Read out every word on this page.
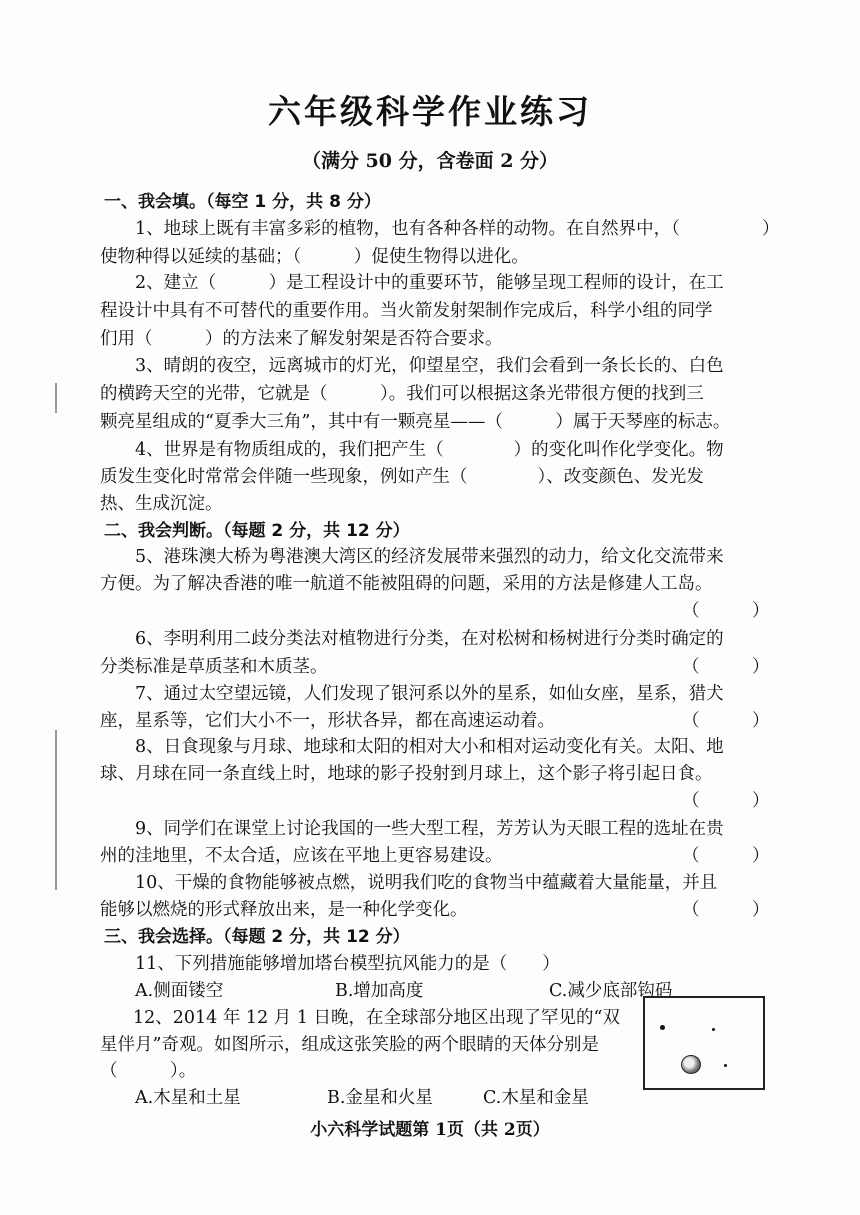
六年级科学作业练习
（满分 50 分，含卷面 2 分）
一、我会填。（每空 1 分，共 8 分）
1、地球上既有丰富多彩的植物，也有各种各样的动物。在自然界中，（	）
使物种得以延续的基础；（　　　）促使生物得以进化。
2、建立（　　　）是工程设计中的重要环节，能够呈现工程师的设计，在工
程设计中具有不可替代的重要作用。当火箭发射架制作完成后，科学小组的同学
们用（　　　）的方法来了解发射架是否符合要求。
3、晴朗的夜空，远离城市的灯光，仰望星空，我们会看到一条长长的、白色
的横跨天空的光带，它就是（　　　）。我们可以根据这条光带很方便的找到三
颗亮星组成的“夏季大三角”，其中有一颗亮星——（　　　）属于天琴座的标志。
4、世界是有物质组成的，我们把产生（　　　　）的变化叫作化学变化。物
质发生变化时常常会伴随一些现象，例如产生（　　　　）、改变颜色、发光发
热、生成沉淀。
二、我会判断。（每题 2 分，共 12 分）
5、港珠澳大桥为粤港澳大湾区的经济发展带来强烈的动力，给文化交流带来
方便。为了解决香港的唯一航道不能被阻碍的问题，采用的方法是修建人工岛。
（　　　）
6、李明利用二歧分类法对植物进行分类，在对松树和杨树进行分类时确定的
分类标准是草质茎和木质茎。	（　　　）
7、通过太空望远镜，人们发现了银河系以外的星系，如仙女座，星系，猎犬
座，星系等，它们大小不一，形状各异，都在高速运动着。	（　　　）
8、日食现象与月球、地球和太阳的相对大小和相对运动变化有关。太阳、地
球、月球在同一条直线上时，地球的影子投射到月球上，这个影子将引起日食。
（　　　）
9、同学们在课堂上讨论我国的一些大型工程，芳芳认为天眼工程的选址在贵
州的洼地里，不太合适，应该在平地上更容易建设。	（　　　）
10、干燥的食物能够被点燃，说明我们吃的食物当中蕴藏着大量能量，并且
能够以燃烧的形式释放出来，是一种化学变化。	（　　　）
三、我会选择。（每题 2 分，共 12 分）
11、下列措施能够增加塔台模型抗风能力的是（　　）
A.侧面镂空	B.增加高度	C.减少底部钩码
12、2014 年 12 月 1 日晚，在全球部分地区出现了罕见的“双
星伴月”奇观。如图所示，组成这张笑脸的两个眼睛的天体分别是
（　　　）。
A.木星和土星	B.金星和火星	C.木星和金星
小六科学试题第 1页（共 2页）
